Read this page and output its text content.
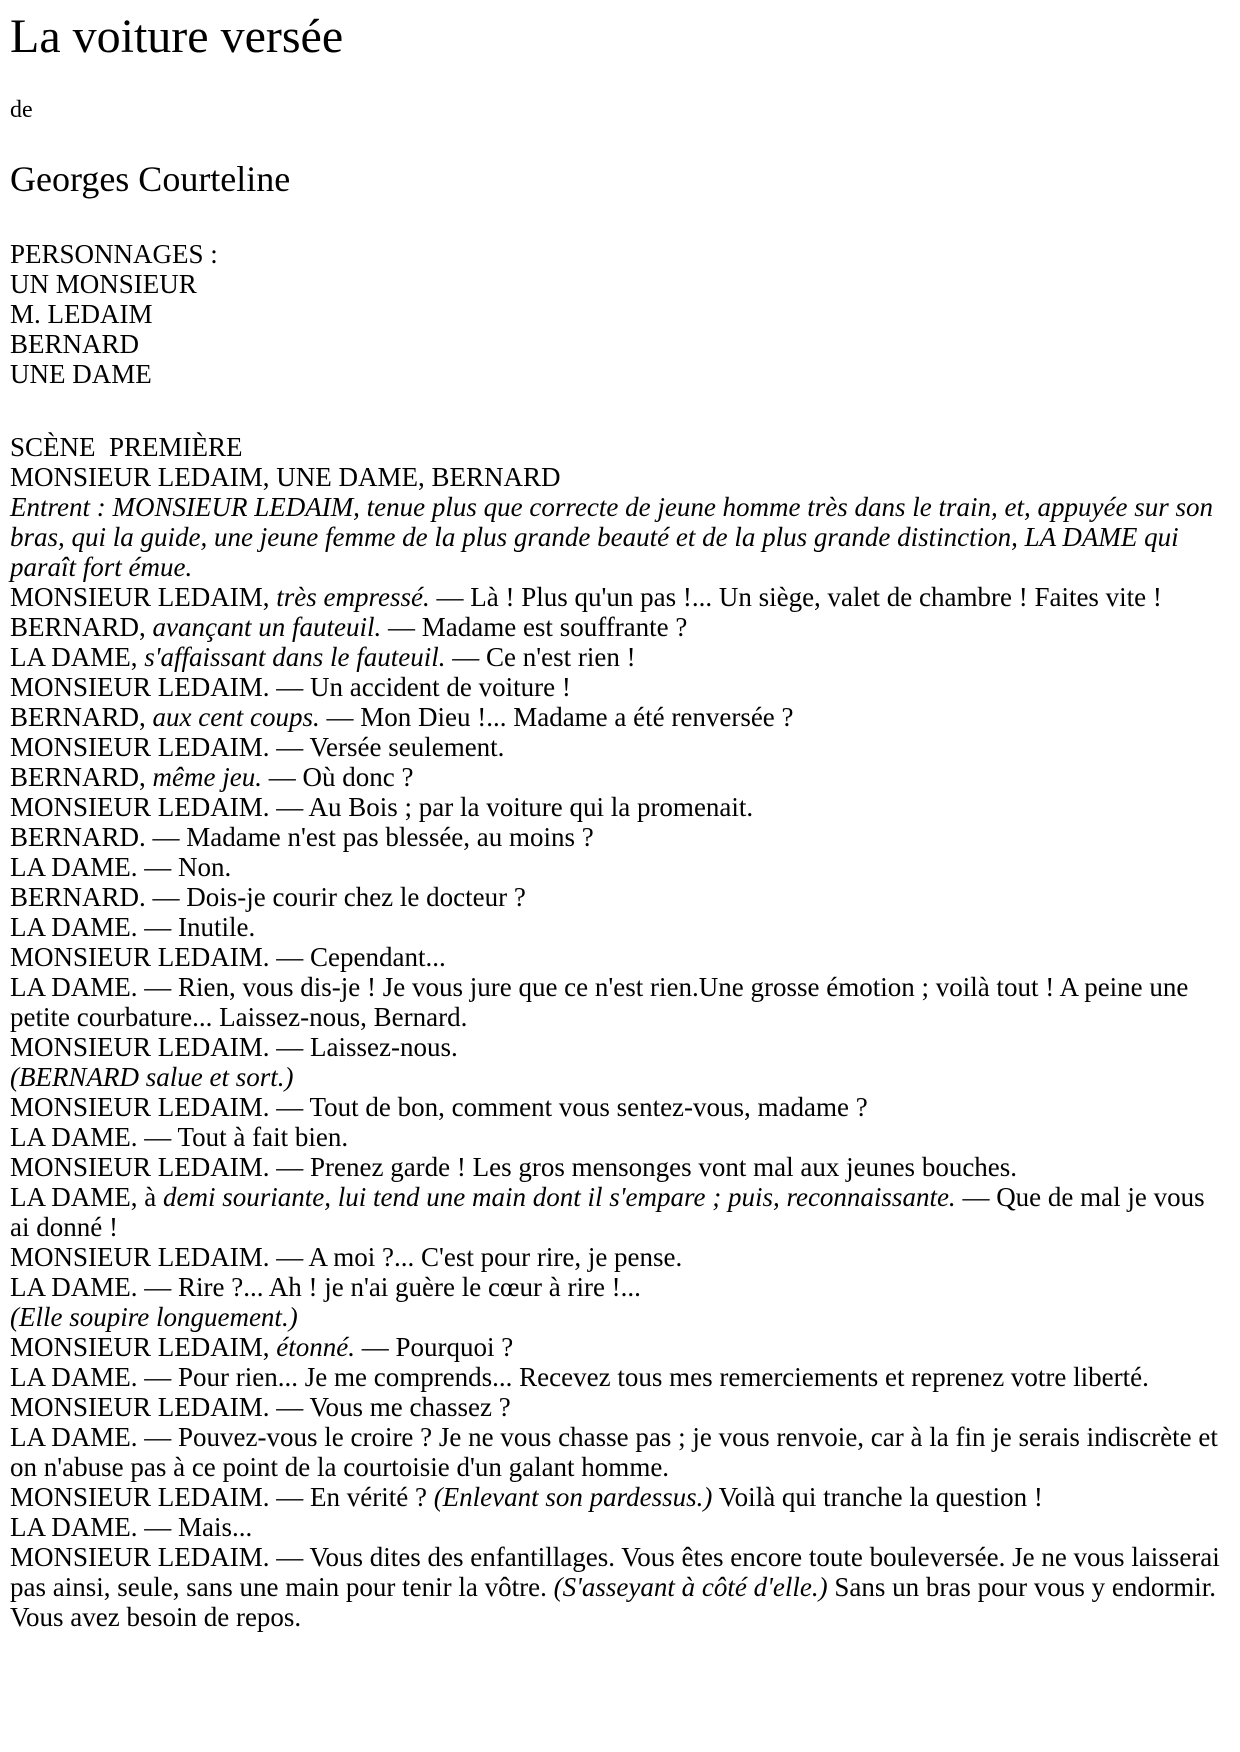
La voiture versée

de

Georges Courteline
PERSONNAGES :
UN MONSIEUR
M. LEDAIM
BERNARD
UNE DAME
SCÈNE  PREMIÈRE
MONSIEUR LEDAIM, UNE DAME, BERNARD
Entrent : MONSIEUR LEDAIM, tenue plus que correcte de jeune homme très dans le train, et, appuyée sur son bras, qui la guide, une jeune femme de la plus grande beauté et de la plus grande distinction, LA DAME qui paraît fort émue.
MONSIEUR LEDAIM, très empressé. — Là ! Plus qu'un pas !... Un siège, valet de chambre ! Faites vite !
BERNARD, avançant un fauteuil. — Madame est souffrante ?
LA DAME, s'affaissant dans le fauteuil. — Ce n'est rien !
MONSIEUR LEDAIM. — Un accident de voiture !
BERNARD, aux cent coups. — Mon Dieu !... Madame a été renversée ?
MONSIEUR LEDAIM. — Versée seulement.
BERNARD, même jeu. — Où donc ?
MONSIEUR LEDAIM. — Au Bois ; par la voiture qui la promenait.
BERNARD. — Madame n'est pas blessée, au moins ?
LA DAME. — Non.
BERNARD. — Dois-je courir chez le docteur ?
LA DAME. — Inutile.
MONSIEUR LEDAIM. — Cependant...
LA DAME. — Rien, vous dis-je ! Je vous jure que ce n'est rien.Une grosse émotion ; voilà tout ! A peine une petite courbature... Laissez-nous, Bernard.
MONSIEUR LEDAIM. — Laissez-nous.
(BERNARD salue et sort.)
MONSIEUR LEDAIM. — Tout de bon, comment vous sentez-vous, madame ?
LA DAME. — Tout à fait bien.
MONSIEUR LEDAIM. — Prenez garde ! Les gros mensonges vont mal aux jeunes bouches.
LA DAME, à demi souriante, lui tend une main dont il s'empare ; puis, reconnaissante. — Que de mal je vous ai donné !
MONSIEUR LEDAIM. — A moi ?... C'est pour rire, je pense.
LA DAME. — Rire ?... Ah ! je n'ai guère le cœur à rire !...
(Elle soupire longuement.)
MONSIEUR LEDAIM, étonné. — Pourquoi ?
LA DAME. — Pour rien... Je me comprends... Recevez tous mes remerciements et reprenez votre liberté.
MONSIEUR LEDAIM. — Vous me chassez ?
LA DAME. — Pouvez-vous le croire ? Je ne vous chasse pas ; je vous renvoie, car à la fin je serais indiscrète et on n'abuse pas à ce point de la courtoisie d'un galant homme.
MONSIEUR LEDAIM. — En vérité ? (Enlevant son pardessus.) Voilà qui tranche la question !
LA DAME. — Mais...
MONSIEUR LEDAIM. — Vous dites des enfantillages. Vous êtes encore toute bouleversée. Je ne vous laisserai pas ainsi, seule, sans une main pour tenir la vôtre. (S'asseyant à côté d'elle.) Sans un bras pour vous y endormir. Vous avez besoin de repos.
